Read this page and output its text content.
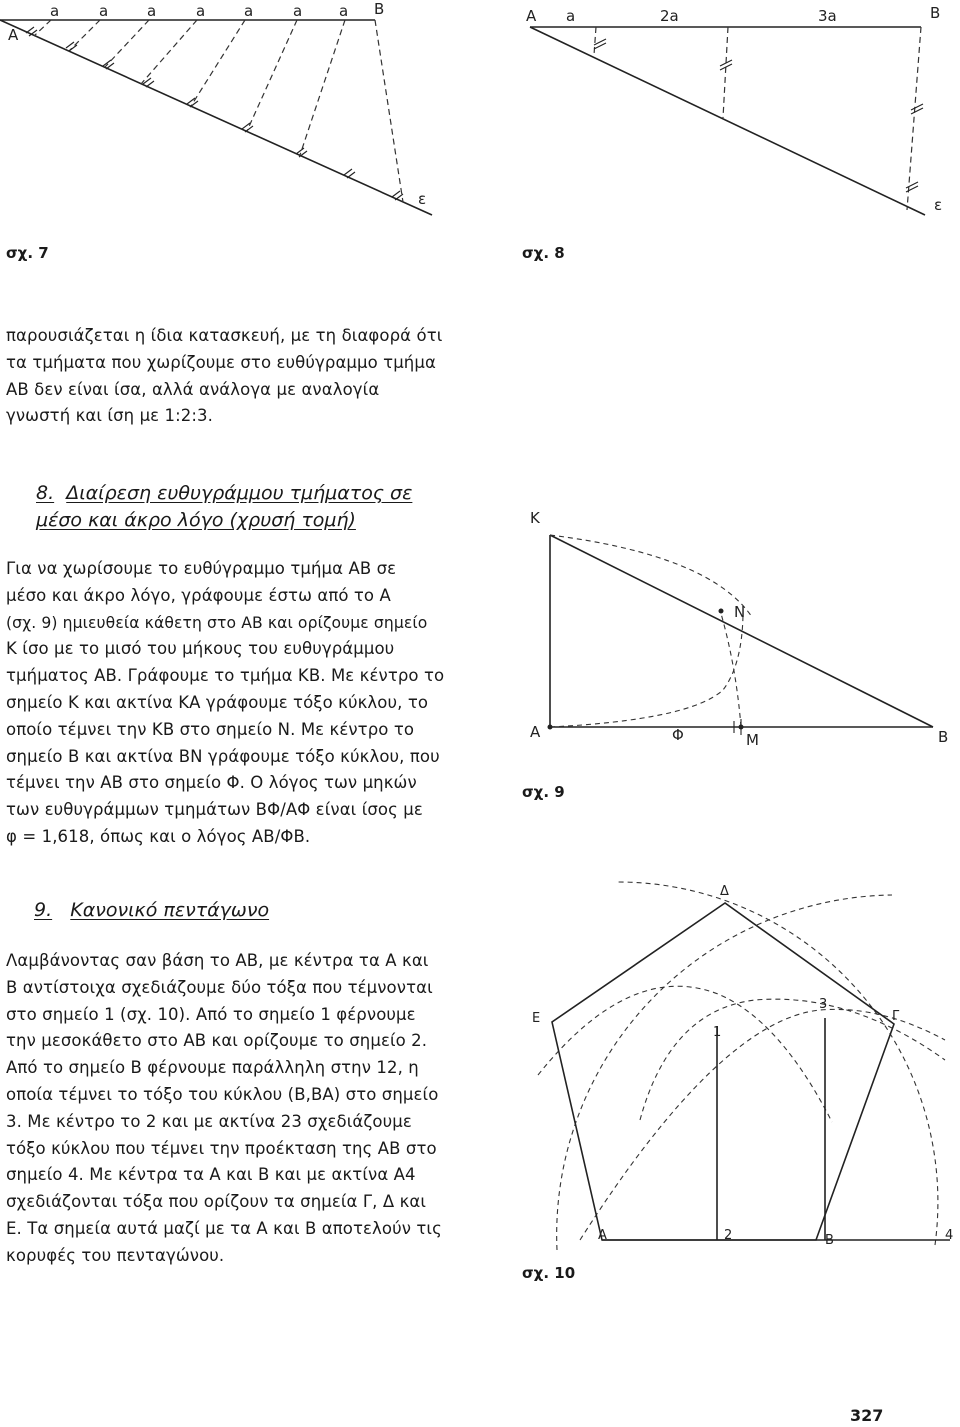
Α
Β
ε
a	a	a	a	a	a a
σχ. 7
Α	Β
ε
a	2a	3a
σχ. 8
παρουσιάζεται η ίδια κατασκευή, με τη διαφορά ότι
τα τμήματα που χωρίζουμε στο ευθύγραμμο τμήμα
ΑΒ δεν είναι ίσα, αλλά ανάλογα με αναλογία
γνωστή και ίση με 1:2:3.
8. Διαίρεση ευθυγράμμου τμήματος σε
μέσο και άκρο λόγο (χρυσή τομή)
Για να χωρίσουμε το ευθύγραμμο τμήμα ΑΒ σε
μέσο και άκρο λόγο, γράφουμε έστω από το Α
(σχ. 9) ημιευθεία κάθετη στο ΑΒ και ορίζουμε σημείο
Κ ίσο με το μισό του μήκους του ευθυγράμμου
τμήματος ΑΒ. Γράφουμε το τμήμα ΚΒ. Με κέντρο το
σημείο Κ και ακτίνα ΚΑ γράφουμε τόξο κύκλου, το
οποίο τέμνει την ΚΒ στο σημείο Ν. Με κέντρο το
σημείο Β και ακτίνα ΒΝ γράφουμε τόξο κύκλου, που
τέμνει την ΑΒ στο σημείο Φ. Ο λόγος των μηκών
των ευθυγράμμων τμημάτων ΒΦ/ΑΦ είναι ίσος με
φ = 1,618, όπως και ο λόγος ΑΒ/ΦΒ.
Κ
Ν
Α	Φ	Μ	Β
σχ. 9
9. Κανονικό πεντάγωνο
Λαμβάνοντας σαν βάση το ΑΒ, με κέντρα τα Α και
Β αντίστοιχα σχεδιάζουμε δύο τόξα που τέμνονται
στο σημείο 1 (σχ. 10). Από το σημείο 1 φέρνουμε
την μεσοκάθετο στο ΑΒ και ορίζουμε το σημείο 2.
Από το σημείο Β φέρνουμε παράλληλη στην 12, η
οποία τέμνει το τόξο του κύκλου (Β,ΒΑ) στο σημείο
3. Με κέντρο το 2 και με ακτίνα 23 σχεδιάζουμε
τόξο κύκλου που τέμνει την προέκταση της ΑΒ στο
σημείο 4. Με κέντρα τα Α και Β και με ακτίνα Α4
σχεδιάζονται τόξα που ορίζουν τα σημεία Γ, Δ και
Ε. Τα σημεία αυτά μαζί με τα Α και Β αποτελούν τις
κορυφές του πενταγώνου.
Δ
Ε	Γ
1
3
Α	2	Β	4
σχ. 10
327
